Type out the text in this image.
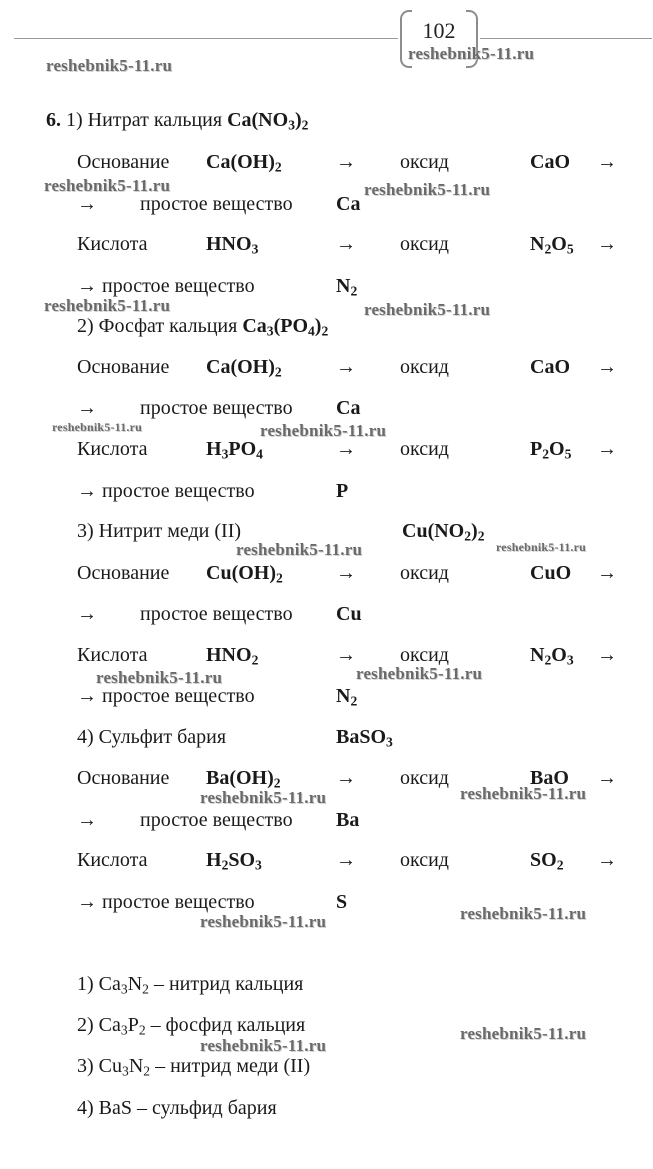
102
reshebnik5-11.ru
reshebnik5-11.ru
reshebnik5-11.ru	reshebnik5-11.ru
reshebnik5-11.ru	reshebnik5-11.ru
reshebnik5-11.ru	reshebnik5-11.ru
reshebnik5-11.ru	reshebnik5-11.ru
reshebnik5-11.ru	reshebnik5-11.ru
reshebnik5-11.ru	reshebnik5-11.ru
reshebnik5-11.ru	reshebnik5-11.ru
reshebnik5-11.ru
reshebnik5-11.ru
6. 1) Нитрат кальция $Ca(NO_3)_2$
Основание $Ca(OH)_2$	→ оксид	CaO →
→ простое вещество Ca
Кислота	$HNO_3$	→ оксид	$N_2O_5$ →
→ простое вещество	$N_2$
2) Фосфат кальция $Ca_3(PO_4)_2$
Основание $Ca(OH)_2$	→ оксид	CaO →
→ простое вещество Ca
Кислота	$H_3PO_4$	→ оксид	$P_2O_5$ →
→ простое вещество	P
3) Нитрит меди (II)	$Cu(NO_2)_2$
Основание $Cu(OH)_2$	→ оксид	CuO →
→ простое вещество Cu
Кислота	$HNO_2$	→ оксид	$N_2O_3$ →
→ простое вещество	$N_2$
4) Сульфит бария	BaSO$_3$
Основание $Ba(OH)_2$	→ оксид	BaO →
→ простое вещество Ba
Кислота	$H_2SO_3$	→ оксид	$SO_2$ →
→ простое вещество	S
1) $Ca_3N_2$ – нитрид кальция
2) $Ca_3P_2$ – фосфид кальция
3) $Cu_3N_2$ – нитрид меди (II)
4) BaS – сульфид бария
